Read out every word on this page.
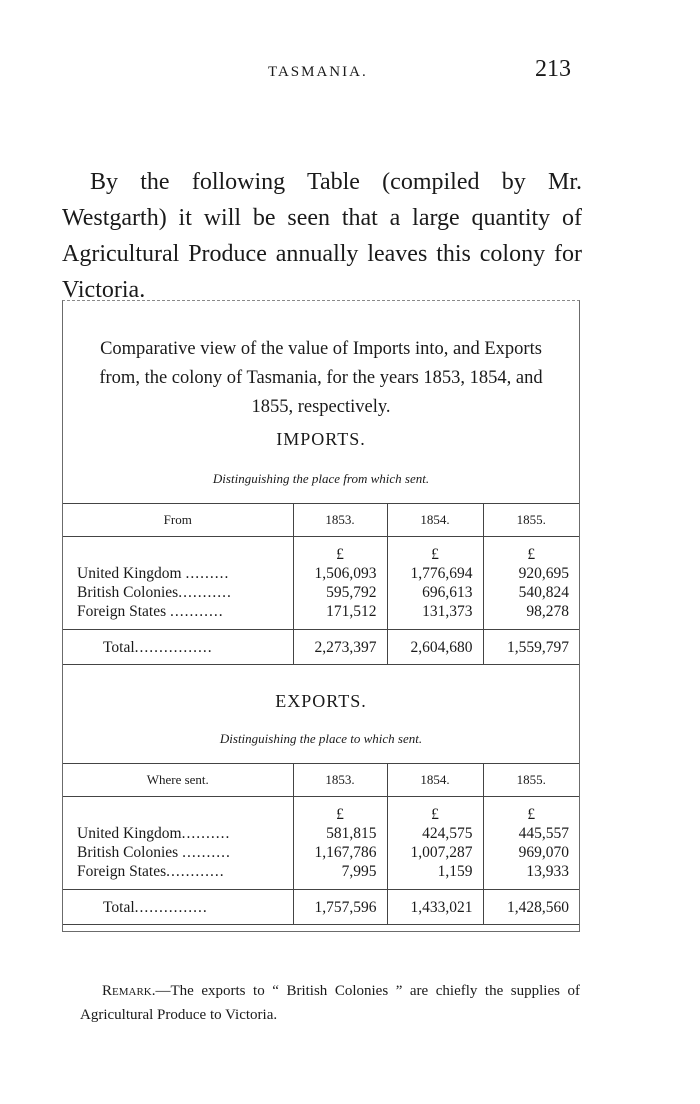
TASMANIA.	213

By the following Table (compiled by Mr. Westgarth) it will be seen that a large quantity of Agricultural Produce annually leaves this colony for Victoria.

Comparative view of the value of Imports into, and Exports from, the colony of Tasmania, for the years 1853, 1854, and 1855, respectively.
IMPORTS.
Distinguishing the place from which sent.
From	1853.	1854.	1855.
	£	£	£
United Kingdom .........	1,506,093	1,776,694	920,695
British Colonies...........	595,792	696,613	540,824
Foreign States ...........	171,512	131,373	98,278
Total................	2,273,397	2,604,680	1,559,797
EXPORTS.
Distinguishing the place to which sent.
Where sent.	1853.	1854.	1855.
	£	£	£
United Kingdom..........	581,815	424,575	445,557
British Colonies ..........	1,167,786	1,007,287	969,070
Foreign States............	7,995	1,159	13,933
Total...............	1,757,596	1,433,021	1,428,560

Remark.—The exports to “ British Colonies ” are chiefly the supplies of Agricultural Produce to Victoria.
